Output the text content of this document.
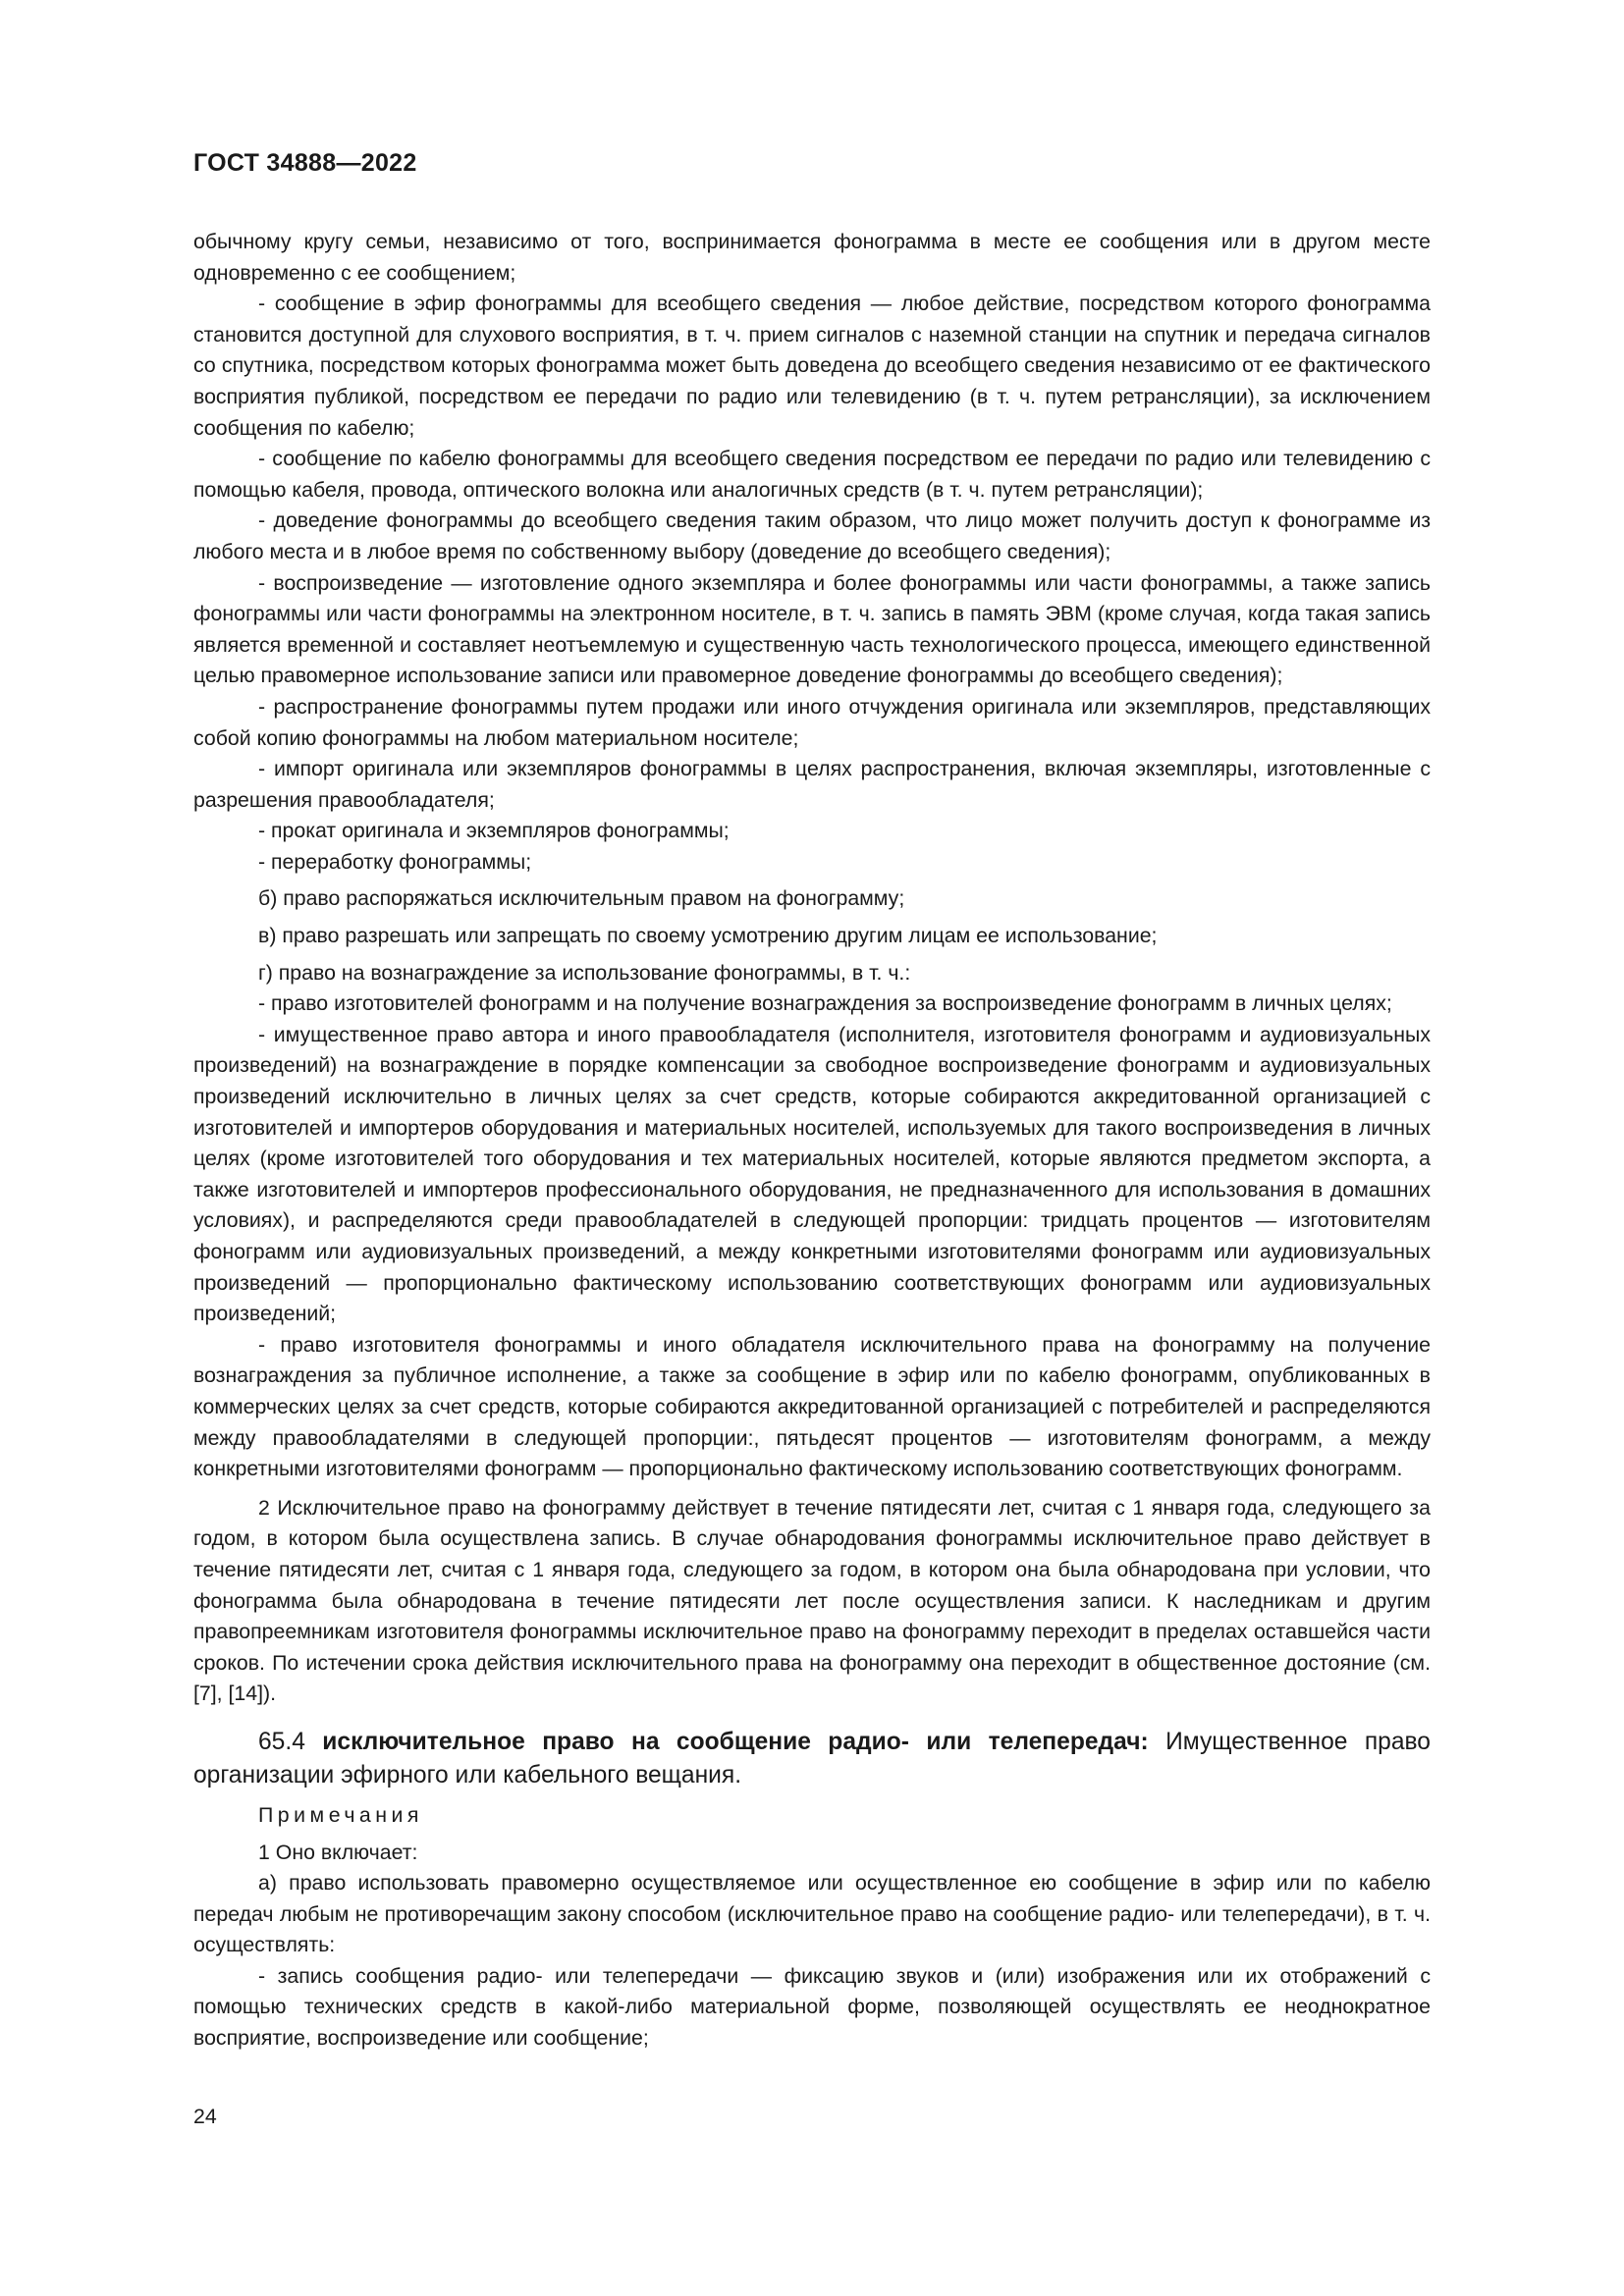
ГОСТ 34888—2022

обычному кругу семьи, независимо от того, воспринимается фонограмма в месте ее сообщения или в другом месте одновременно с ее сообщением;

- сообщение в эфир фонограммы для всеобщего сведения — любое действие, посредством которого фонограмма становится доступной для слухового восприятия, в т. ч. прием сигналов с наземной станции на спутник и передача сигналов со спутника, посредством которых фонограмма может быть доведена до всеобщего сведения независимо от ее фактического восприятия публикой, посредством ее передачи по радио или телевидению (в т. ч. путем ретрансляции), за исключением сообщения по кабелю;

- сообщение по кабелю фонограммы для всеобщего сведения посредством ее передачи по радио или телевидению с помощью кабеля, провода, оптического волокна или аналогичных средств (в т. ч. путем ретрансляции);

- доведение фонограммы до всеобщего сведения таким образом, что лицо может получить доступ к фонограмме из любого места и в любое время по собственному выбору (доведение до всеобщего сведения);

- воспроизведение — изготовление одного экземпляра и более фонограммы или части фонограммы, а также запись фонограммы или части фонограммы на электронном носителе, в т. ч. запись в память ЭВМ (кроме случая, когда такая запись является временной и составляет неотъемлемую и существенную часть технологического процесса, имеющего единственной целью правомерное использование записи или правомерное доведение фонограммы до всеобщего сведения);

- распространение фонограммы путем продажи или иного отчуждения оригинала или экземпляров, представляющих собой копию фонограммы на любом материальном носителе;

- импорт оригинала или экземпляров фонограммы в целях распространения, включая экземпляры, изготовленные с разрешения правообладателя;

- прокат оригинала и экземпляров фонограммы;

- переработку фонограммы;

б) право распоряжаться исключительным правом на фонограмму;

в) право разрешать или запрещать по своему усмотрению другим лицам ее использование;

г) право на вознаграждение за использование фонограммы, в т. ч.:

- право изготовителей фонограмм и на получение вознаграждения за воспроизведение фонограмм в личных целях;

- имущественное право автора и иного правообладателя (исполнителя, изготовителя фонограмм и аудиовизуальных произведений) на вознаграждение в порядке компенсации за свободное воспроизведение фонограмм и аудиовизуальных произведений исключительно в личных целях за счет средств, которые собираются аккредитованной организацией с изготовителей и импортеров оборудования и материальных носителей, используемых для такого воспроизведения в личных целях (кроме изготовителей того оборудования и тех материальных носителей, которые являются предметом экспорта, а также изготовителей и импортеров профессионального оборудования, не предназначенного для использования в домашних условиях), и распределяются среди правообладателей в следующей пропорции: тридцать процентов — изготовителям фонограмм или аудиовизуальных произведений, а между конкретными изготовителями фонограмм или аудиовизуальных произведений — пропорционально фактическому использованию соответствующих фонограмм или аудиовизуальных произведений;

- право изготовителя фонограммы и иного обладателя исключительного права на фонограмму на получение вознаграждения за публичное исполнение, а также за сообщение в эфир или по кабелю фонограмм, опубликованных в коммерческих целях за счет средств, которые собираются аккредитованной организацией с потребителей и распределяются между правообладателями в следующей пропорции:, пятьдесят процентов — изготовителям фонограмм, а между конкретными изготовителями фонограмм — пропорционально фактическому использованию соответствующих фонограмм.

2 Исключительное право на фонограмму действует в течение пятидесяти лет, считая с 1 января года, следующего за годом, в котором была осуществлена запись. В случае обнародования фонограммы исключительное право действует в течение пятидесяти лет, считая с 1 января года, следующего за годом, в котором она была обнародована при условии, что фонограмма была обнародована в течение пятидесяти лет после осуществления записи. К наследникам и другим правопреемникам изготовителя фонограммы исключительное право на фонограмму переходит в пределах оставшейся части сроков. По истечении срока действия исключительного права на фонограмму она переходит в общественное достояние (см. [7], [14]).

65.4 исключительное право на сообщение радио- или телепередач: Имущественное право организации эфирного или кабельного вещания.

Примечания

1 Оно включает:

а) право использовать правомерно осуществляемое или осуществленное ею сообщение в эфир или по кабелю передач любым не противоречащим закону способом (исключительное право на сообщение радио- или телепередачи), в т. ч. осуществлять:

- запись сообщения радио- или телепередачи — фиксацию звуков и (или) изображения или их отображений с помощью технических средств в какой-либо материальной форме, позволяющей осуществлять ее неоднократное восприятие, воспроизведение или сообщение;

24
